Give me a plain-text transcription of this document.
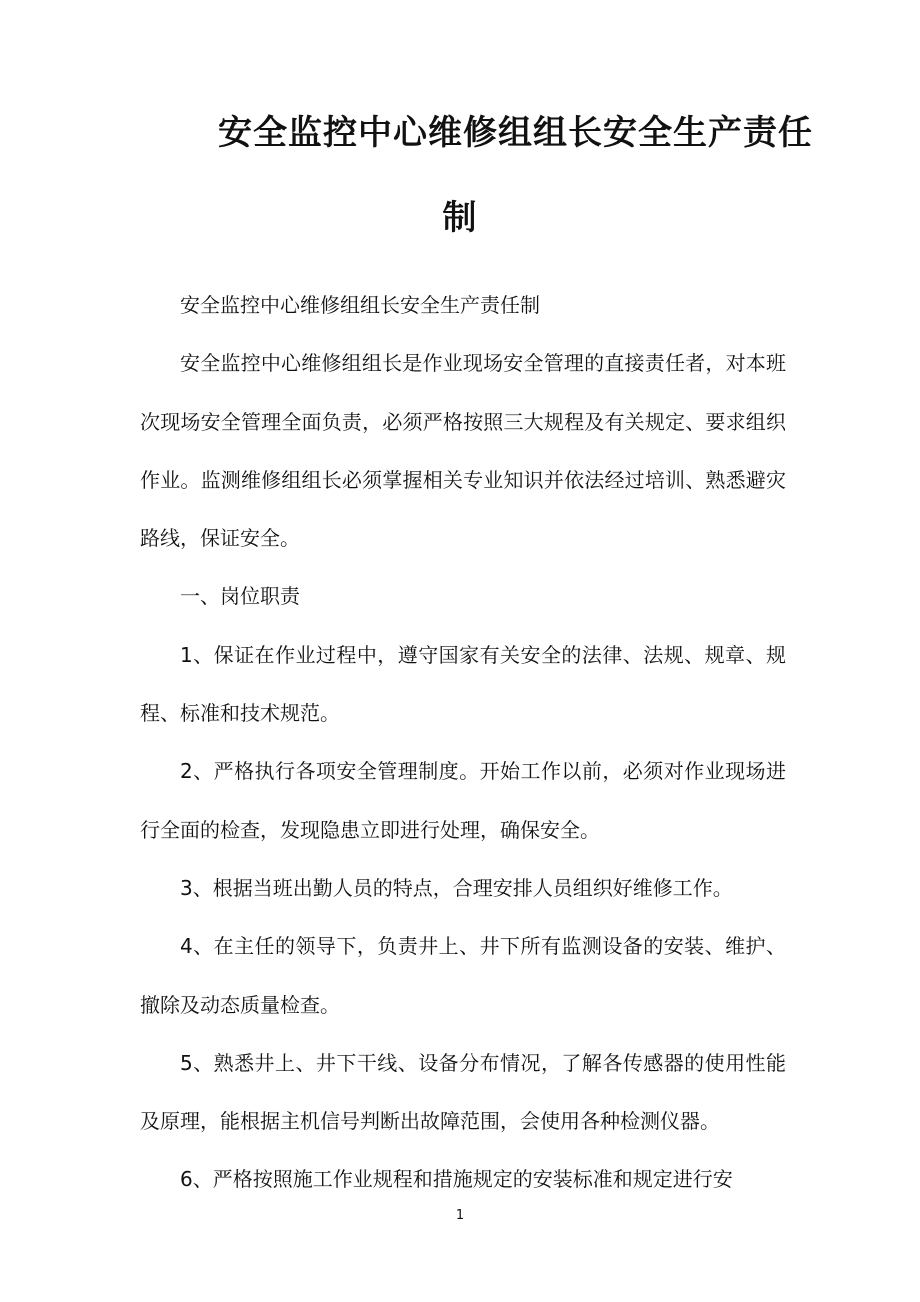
安全监控中心维修组组长安全生产责任
制

安全监控中心维修组组长安全生产责任制

安全监控中心维修组组长是作业现场安全管理的直接责任者，对本班次现场安全管理全面负责，必须严格按照三大规程及有关规定、要求组织作业。监测维修组组长必须掌握相关专业知识并依法经过培训、熟悉避灾路线，保证安全。

一、岗位职责

1、保证在作业过程中，遵守国家有关安全的法律、法规、规章、规程、标准和技术规范。

2、严格执行各项安全管理制度。开始工作以前，必须对作业现场进行全面的检查，发现隐患立即进行处理，确保安全。

3、根据当班出勤人员的特点，合理安排人员组织好维修工作。

4、在主任的领导下，负责井上、井下所有监测设备的安装、维护、撤除及动态质量检查。

5、熟悉井上、井下干线、设备分布情况，了解各传感器的使用性能及原理，能根据主机信号判断出故障范围，会使用各种检测仪器。

6、严格按照施工作业规程和措施规定的安装标准和规定进行安

1
